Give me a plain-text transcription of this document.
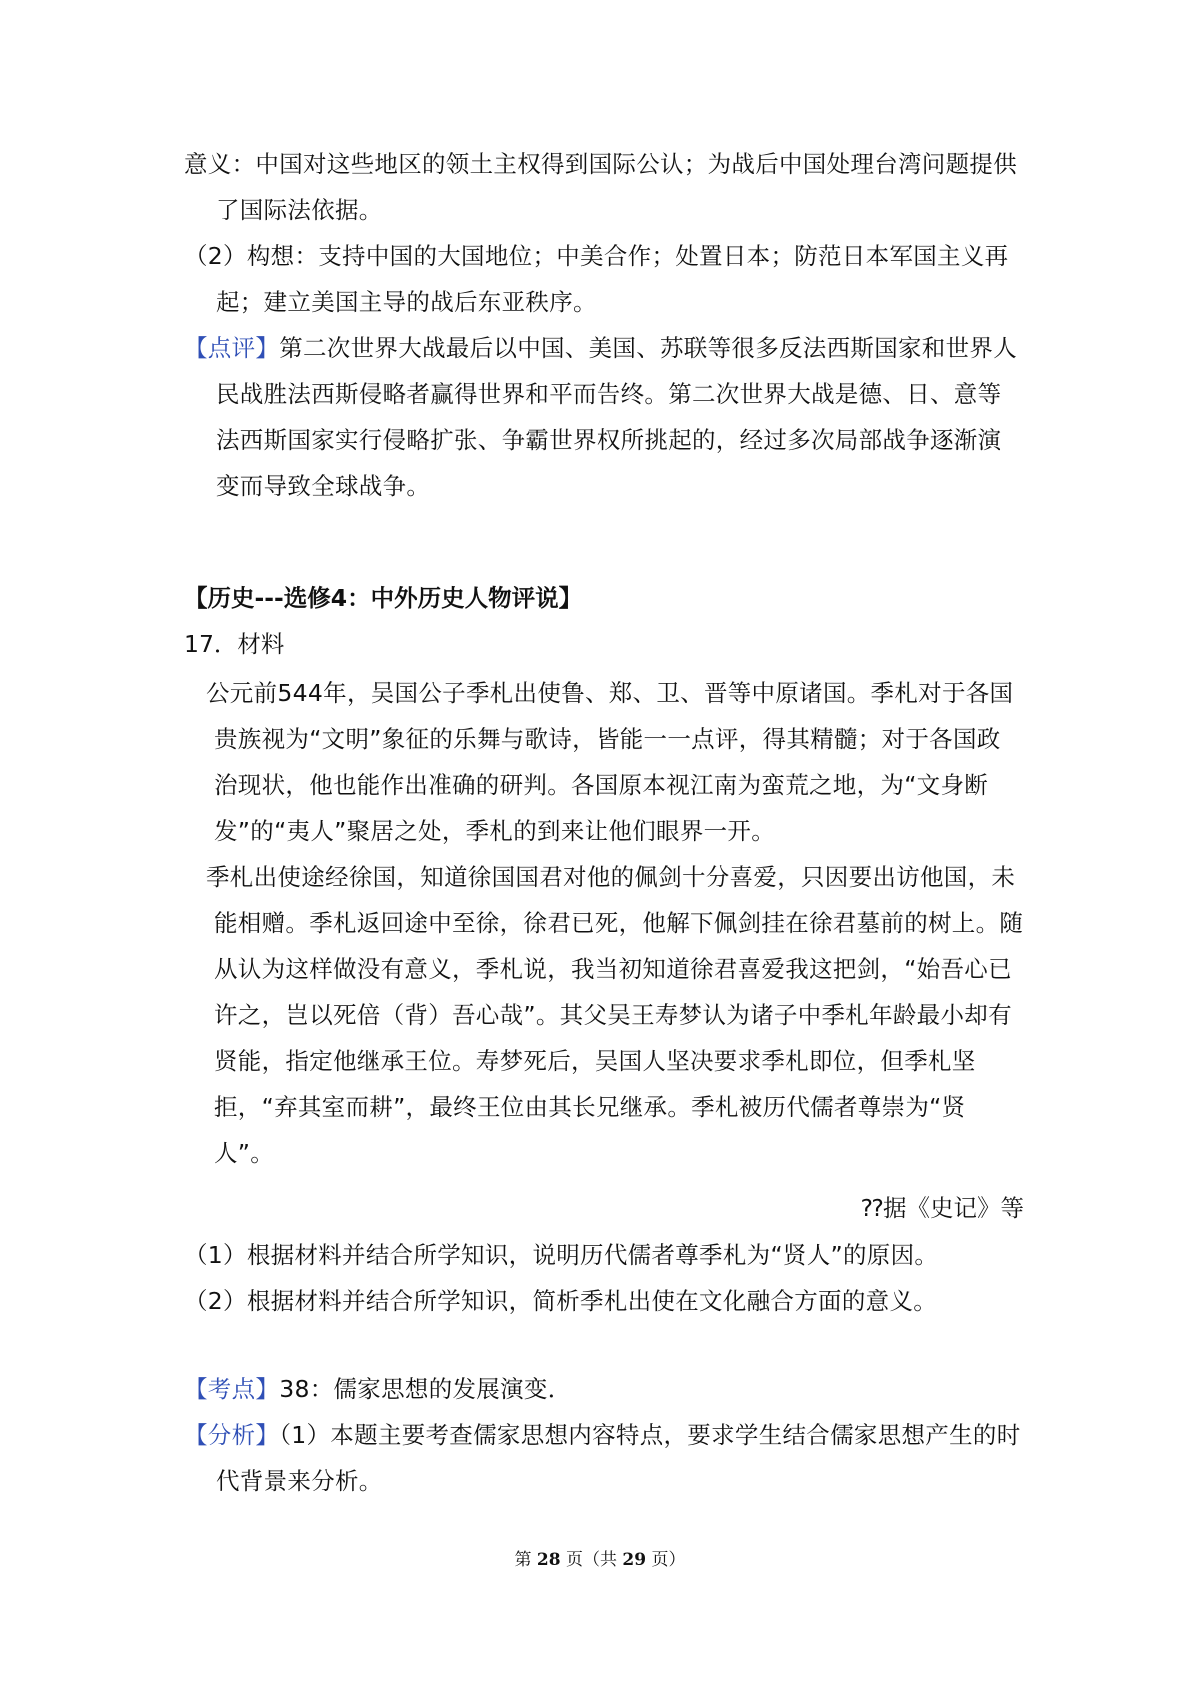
意义：中国对这些地区的领土主权得到国际公认；为战后中国处理台湾问题提供了国际法依据。

（2）构想：支持中国的大国地位；中美合作；处置日本；防范日本军国主义再起；建立美国主导的战后东亚秩序。

【点评】第二次世界大战最后以中国、美国、苏联等很多反法西斯国家和世界人民战胜法西斯侵略者赢得世界和平而告终。第二次世界大战是德、日、意等法西斯国家实行侵略扩张、争霸世界权所挑起的，经过多次局部战争逐渐演变而导致全球战争。

【历史---选修4：中外历史人物评说】

17．材料

公元前544年，吴国公子季札出使鲁、郑、卫、晋等中原诸国。季札对于各国贵族视为“文明”象征的乐舞与歌诗，皆能一一点评，得其精髓；对于各国政治现状，他也能作出准确的研判。各国原本视江南为蛮荒之地，为“文身断发”的“夷人”聚居之处，季札的到来让他们眼界一开。

季札出使途经徐国，知道徐国国君对他的佩剑十分喜爱，只因要出访他国，未能相赠。季札返回途中至徐，徐君已死，他解下佩剑挂在徐君墓前的树上。随从认为这样做没有意义，季札说，我当初知道徐君喜爱我这把剑，“始吾心已许之，岂以死倍（背）吾心哉”。其父吴王寿梦认为诸子中季札年龄最小却有贤能，指定他继承王位。寿梦死后，吴国人坚决要求季札即位，但季札坚拒，“弃其室而耕”，最终王位由其长兄继承。季札被历代儒者尊崇为“贤人”。

⁇据《史记》等

（1）根据材料并结合所学知识，说明历代儒者尊季札为“贤人”的原因。

（2）根据材料并结合所学知识，简析季札出使在文化融合方面的意义。

【考点】38：儒家思想的发展演变．

【分析】（1）本题主要考查儒家思想内容特点，要求学生结合儒家思想产生的时代背景来分析。

第 28 页（共 29 页）
